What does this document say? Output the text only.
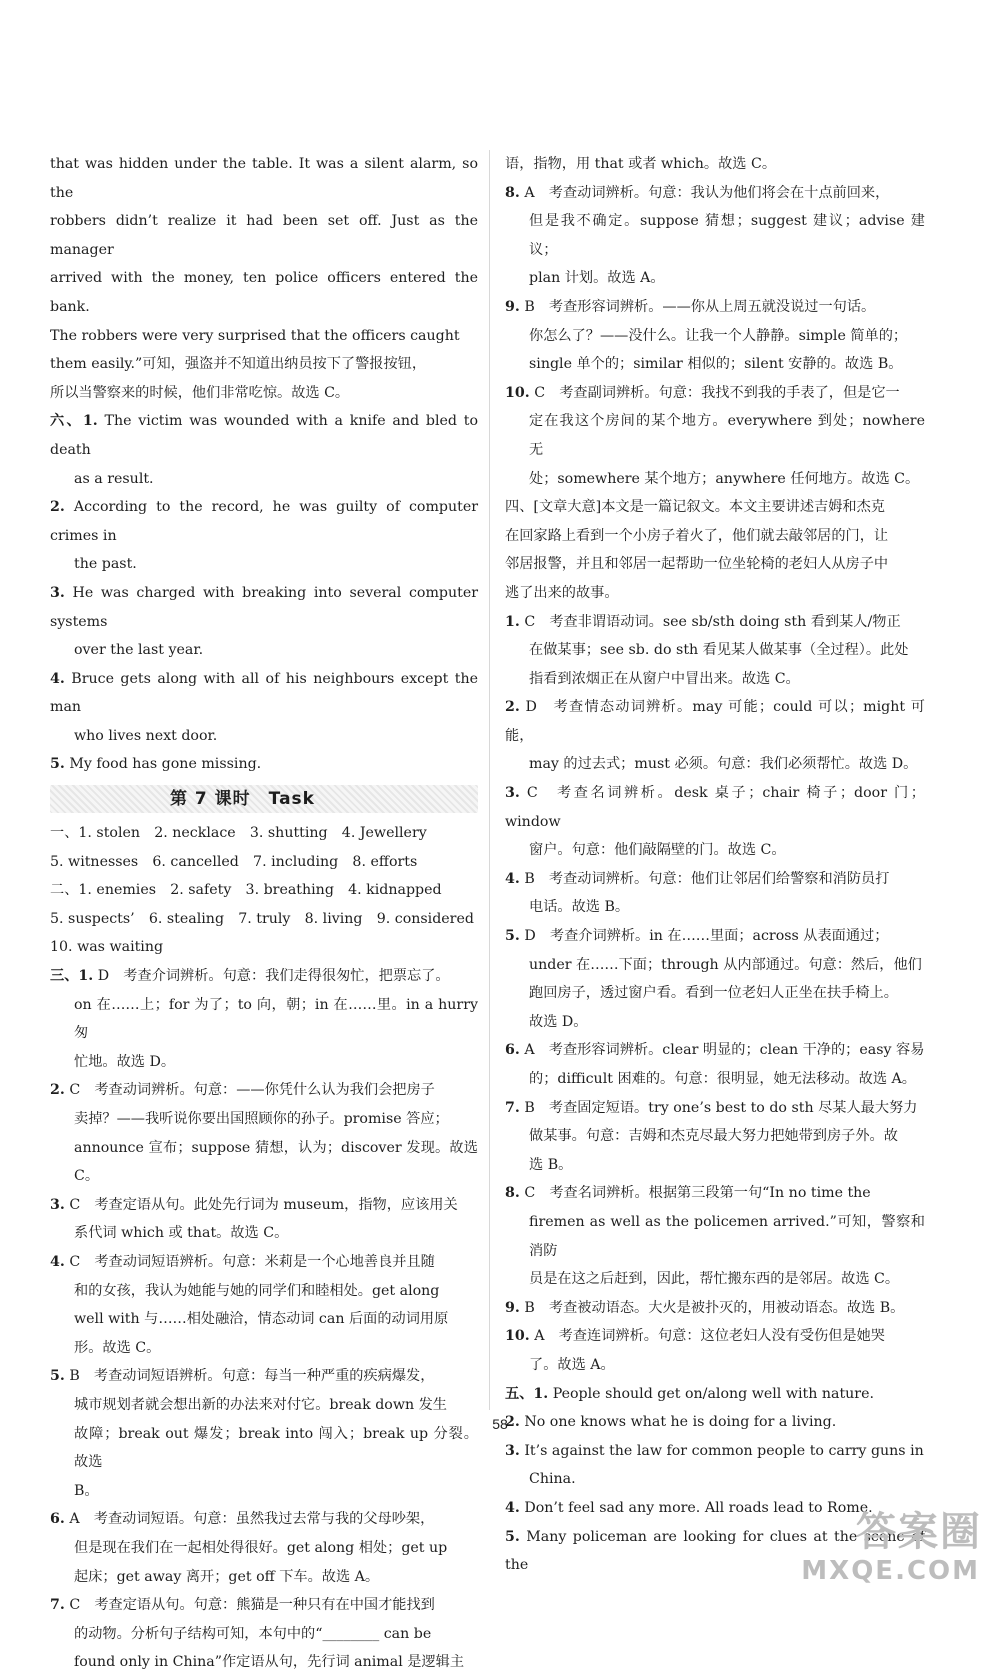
that was hidden under the table. It was a silent alarm, so the
robbers didn’t realize it had been set off. Just as the manager
arrived with the money, ten police officers entered the bank.
The robbers were very surprised that the officers caught
them easily.”可知，强盗并不知道出纳员按下了警报按钮，
所以当警察来的时候，他们非常吃惊。故选 C。
六、1. The victim was wounded with a knife and bled to death
as a result.
2. According to the record, he was guilty of computer crimes in
the past.
3. He was charged with breaking into several computer systems
over the last year.
4. Bruce gets along with all of his neighbours except the man
who lives next door.
5. My food has gone missing.
第 7 课时　Task
一、1. stolen　2. necklace　3. shutting　4. Jewellery
5. witnesses　6. cancelled　7. including　8. efforts
二、1. enemies　2. safety　3. breathing　4. kidnapped
5. suspects’　6. stealing　7. truly　8. living　9. considered
10. was waiting
三、1. D　考查介词辨析。句意：我们走得很匆忙，把票忘了。
on 在……上；for 为了；to 向，朝；in 在……里。in a hurry 匆
忙地。故选 D。
2. C　考查动词辨析。句意：——你凭什么认为我们会把房子
卖掉？——我听说你要出国照顾你的孙子。promise 答应；
announce 宣布；suppose 猜想，认为；discover 发现。故选 C。
3. C　考查定语从句。此处先行词为 museum，指物，应该用关
系代词 which 或 that。故选 C。
4. C　考查动词短语辨析。句意：米莉是一个心地善良并且随
和的女孩，我认为她能与她的同学们和睦相处。get along
well with 与……相处融洽，情态动词 can 后面的动词用原
形。故选 C。
5. B　考查动词短语辨析。句意：每当一种严重的疾病爆发，
城市规划者就会想出新的办法来对付它。break down 发生
故障；break out 爆发；break into 闯入；break up 分裂。故选
B。
6. A　考查动词短语。句意：虽然我过去常与我的父母吵架，
但是现在我们在一起相处得很好。get along 相处；get up
起床；get away 离开；get off 下车。故选 A。
7. C　考查定语从句。句意：熊猫是一种只有在中国才能找到
的动物。分析句子结构可知，本句中的“________ can be
found only in China”作定语从句，先行词 animal 是逻辑主
语，指物，用 that 或者 which。故选 C。
8. A　考查动词辨析。句意：我认为他们将会在十点前回来，
但是我不确定。suppose 猜想；suggest 建议；advise 建议；
plan 计划。故选 A。
9. B　考查形容词辨析。——你从上周五就没说过一句话。
你怎么了？——没什么。让我一个人静静。simple 简单的；
single 单个的；similar 相似的；silent 安静的。故选 B。
10. C　考查副词辨析。句意：我找不到我的手表了，但是它一
定在我这个房间的某个地方。everywhere 到处；nowhere 无
处；somewhere 某个地方；anywhere 任何地方。故选 C。
四、[文章大意]本文是一篇记叙文。本文主要讲述吉姆和杰克
在回家路上看到一个小房子着火了，他们就去敲邻居的门，让
邻居报警，并且和邻居一起帮助一位坐轮椅的老妇人从房子中
逃了出来的故事。
1. C　考查非谓语动词。see sb/sth doing sth 看到某人/物正
在做某事；see sb. do sth 看见某人做某事（全过程）。此处
指看到浓烟正在从窗户中冒出来。故选 C。
2. D　考查情态动词辨析。may 可能；could 可以；might 可能，
may 的过去式；must 必须。句意：我们必须帮忙。故选 D。
3. C　考查名词辨析。desk 桌子；chair 椅子；door 门；window
窗户。句意：他们敲隔壁的门。故选 C。
4. B　考查动词辨析。句意：他们让邻居们给警察和消防员打
电话。故选 B。
5. D　考查介词辨析。in 在……里面；across 从表面通过；
under 在……下面；through 从内部通过。句意：然后，他们
跑回房子，透过窗户看。看到一位老妇人正坐在扶手椅上。
故选 D。
6. A　考查形容词辨析。clear 明显的；clean 干净的；easy 容易
的；difficult 困难的。句意：很明显，她无法移动。故选 A。
7. B　考查固定短语。try one’s best to do sth 尽某人最大努力
做某事。句意：吉姆和杰克尽最大努力把她带到房子外。故
选 B。
8. C　考查名词辨析。根据第三段第一句“In no time the
firemen as well as the policemen arrived.”可知，警察和消防
员是在这之后赶到，因此，帮忙搬东西的是邻居。故选 C。
9. B　考查被动语态。大火是被扑灭的，用被动语态。故选 B。
10. A　考查连词辨析。句意：这位老妇人没有受伤但是她哭
了。故选 A。
五、1. People should get on/along well with nature.
2. No one knows what he is doing for a living.
3. It’s against the law for common people to carry guns in
China.
4. Don’t feel sad any more. All roads lead to Rome.
5. Many policeman are looking for clues at the scene of the
58
答案圈
MXQE.COM
